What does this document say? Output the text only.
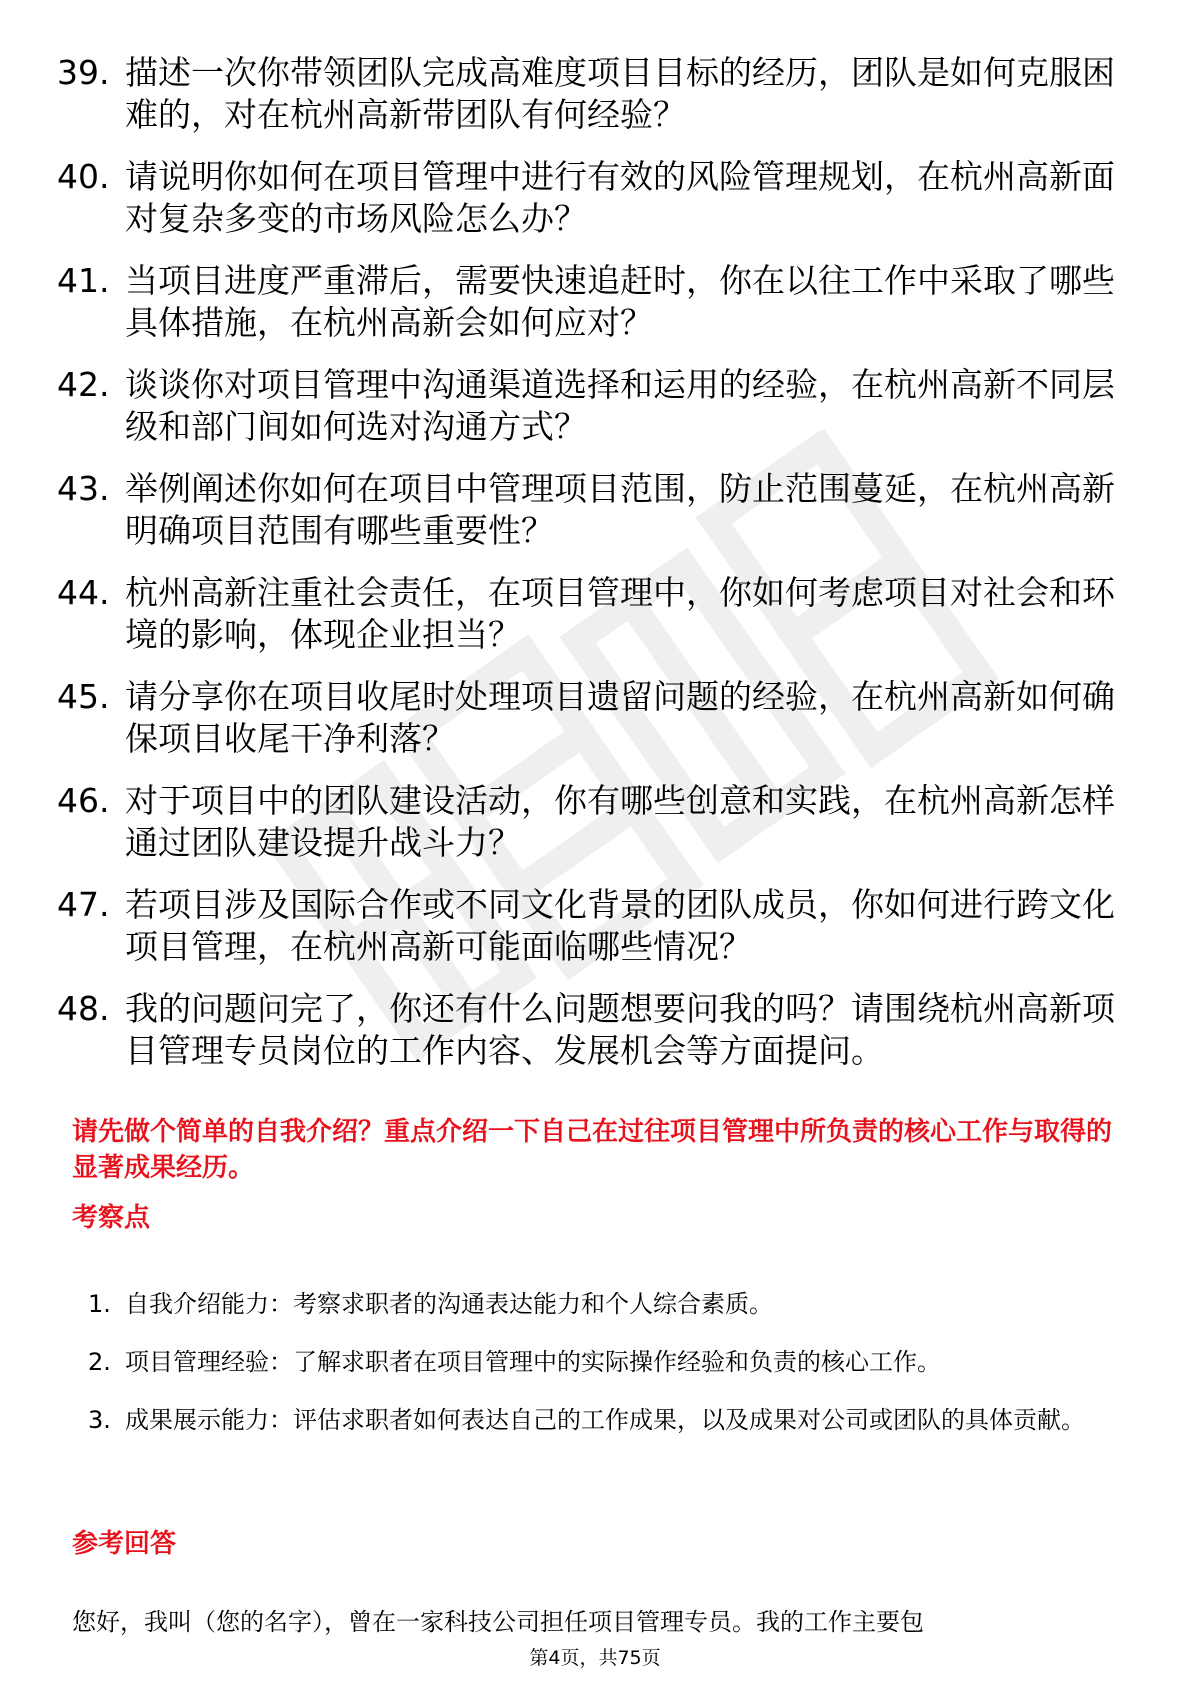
39. 描述一次你带领团队完成高难度项目目标的经历，团队是如何克服困难的，对在杭州高新带团队有何经验？
40. 请说明你如何在项目管理中进行有效的风险管理规划，在杭州高新面对复杂多变的市场风险怎么办？
41. 当项目进度严重滞后，需要快速追赶时，你在以往工作中采取了哪些具体措施，在杭州高新会如何应对？
42. 谈谈你对项目管理中沟通渠道选择和运用的经验，在杭州高新不同层级和部门间如何选对沟通方式？
43. 举例阐述你如何在项目中管理项目范围，防止范围蔓延，在杭州高新明确项目范围有哪些重要性？
44. 杭州高新注重社会责任，在项目管理中，你如何考虑项目对社会和环境的影响，体现企业担当？
45. 请分享你在项目收尾时处理项目遗留问题的经验，在杭州高新如何确保项目收尾干净利落？
46. 对于项目中的团队建设活动，你有哪些创意和实践，在杭州高新怎样通过团队建设提升战斗力？
47. 若项目涉及国际合作或不同文化背景的团队成员，你如何进行跨文化项目管理，在杭州高新可能面临哪些情况？
48. 我的问题问完了，你还有什么问题想要问我的吗？请围绕杭州高新项目管理专员岗位的工作内容、发展机会等方面提问。
请先做个简单的自我介绍？重点介绍一下自己在过往项目管理中所负责的核心工作与取得的显著成果经历。
考察点
1. 自我介绍能力：考察求职者的沟通表达能力和个人综合素质。
2. 项目管理经验：了解求职者在项目管理中的实际操作经验和负责的核心工作。
3. 成果展示能力：评估求职者如何表达自己的工作成果，以及成果对公司或团队的具体贡献。
参考回答
您好，我叫（您的名字），曾在一家科技公司担任项目管理专员。我的工作主要包
第4页，共75页
